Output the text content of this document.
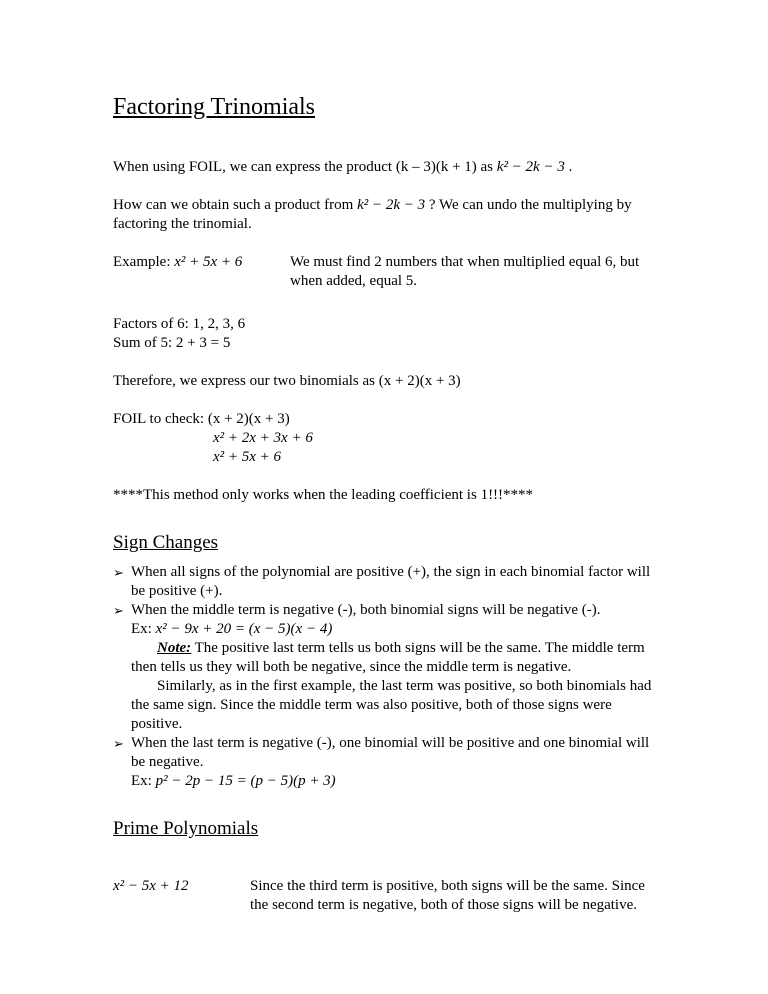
Factoring Trinomials

When using FOIL, we can express the product (k – 3)(k + 1) as k² − 2k − 3 .

How can we obtain such a product from k² − 2k − 3 ? We can undo the multiplying by factoring the trinomial.

Example: x² + 5x + 6	We must find 2 numbers that when multiplied equal 6, but when added, equal 5.

Factors of 6: 1, 2, 3, 6

Sum of 5: 2 + 3 = 5

Therefore, we express our two binomials as (x + 2)(x + 3)

FOIL to check: (x + 2)(x + 3)
x² + 2x + 3x + 6
x² + 5x + 6

****This method only works when the leading coefficient is 1!!!****

Sign Changes
➢ When all signs of the polynomial are positive (+), the sign in each binomial factor will be positive (+).
➢ When the middle term is negative (-), both binomial signs will be negative (-).
Ex: x² − 9x + 20 = (x − 5)(x − 4)
Note: The positive last term tells us both signs will be the same. The middle term then tells us they will both be negative, since the middle term is negative.
Similarly, as in the first example, the last term was positive, so both binomials had the same sign. Since the middle term was also positive, both of those signs were positive.
➢ When the last term is negative (-), one binomial will be positive and one binomial will be negative.
Ex: p² − 2p − 15 = (p − 5)(p + 3)
Prime Polynomials
x² − 5x + 12	Since the third term is positive, both signs will be the same. Since the second term is negative, both of those signs will be negative.
